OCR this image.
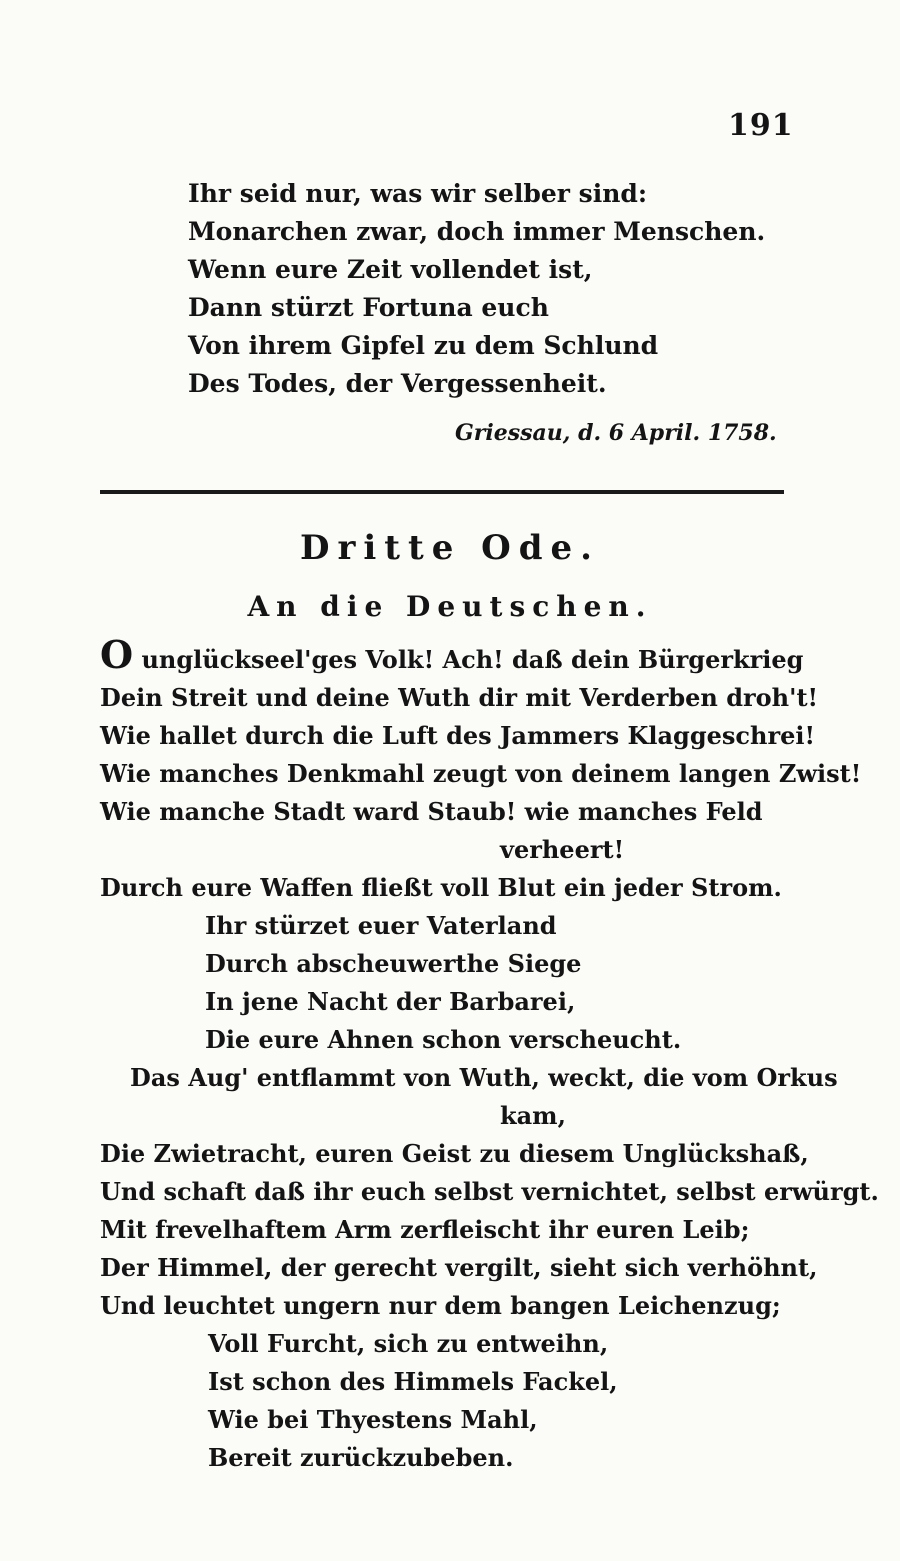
191
Ihr seid nur, was wir selber sind:
Monarchen zwar, doch immer Menschen.
Wenn eure Zeit vollendet ist,
Dann stürzt Fortuna euch
Von ihrem Gipfel zu dem Schlund
Des Todes, der Vergessenheit.
Griessau, d. 6 April. 1758.
Dritte Ode.
An die Deutschen.
O unglückseel'ges Volk! Ach! daß dein Bürgerkrieg
Dein Streit und deine Wuth dir mit Verderben droh't!
Wie hallet durch die Luft des Jammers Klaggeschrei!
Wie manches Denkmahl zeugt von deinem langen Zwist!
Wie manche Stadt ward Staub! wie manches Feld
verheert!
Durch eure Waffen fließt voll Blut ein jeder Strom.
Ihr stürzet euer Vaterland
Durch abscheuwerthe Siege
In jene Nacht der Barbarei,
Die eure Ahnen schon verscheucht.
Das Aug' entflammt von Wuth, weckt, die vom Orkus
kam,
Die Zwietracht, euren Geist zu diesem Unglückshaß,
Und schaft daß ihr euch selbst vernichtet, selbst erwürgt.
Mit frevelhaftem Arm zerfleischt ihr euren Leib;
Der Himmel, der gerecht vergilt, sieht sich verhöhnt,
Und leuchtet ungern nur dem bangen Leichenzug;
Voll Furcht, sich zu entweihn,
Ist schon des Himmels Fackel,
Wie bei Thyestens Mahl,
Bereit zurückzubeben.
